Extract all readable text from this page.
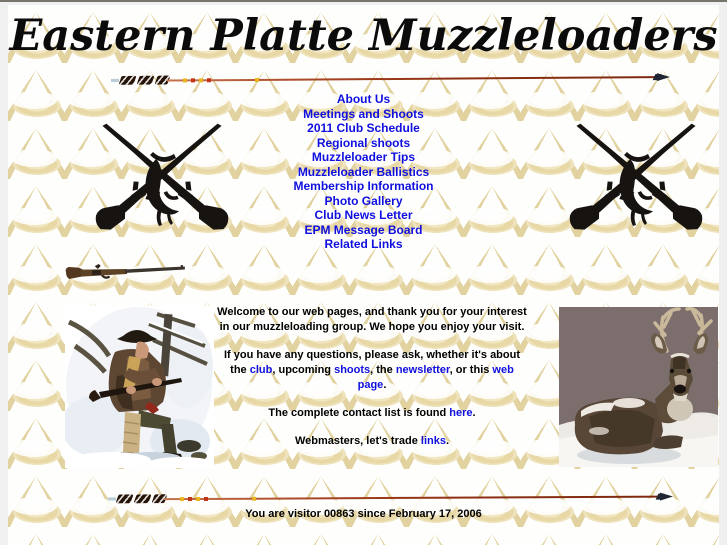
Eastern Platte Muzzleloaders
About Us
Meetings and Shoots
2011 Club Schedule
Regional shoots
Muzzleloader Tips
Muzzleloader Ballistics
Membership Information
Photo Gallery
Club News Letter
EPM Message Board
Related Links

Welcome to our web pages, and thank you for your interest in our muzzleloading group. We hope you enjoy your visit.

If you have any questions, please ask, whether it's about the club, upcoming shoots, the newsletter, or this web page.

The complete contact list is found here.

Webmasters, let's trade links.

You are visitor 00863 since February 17, 2006
